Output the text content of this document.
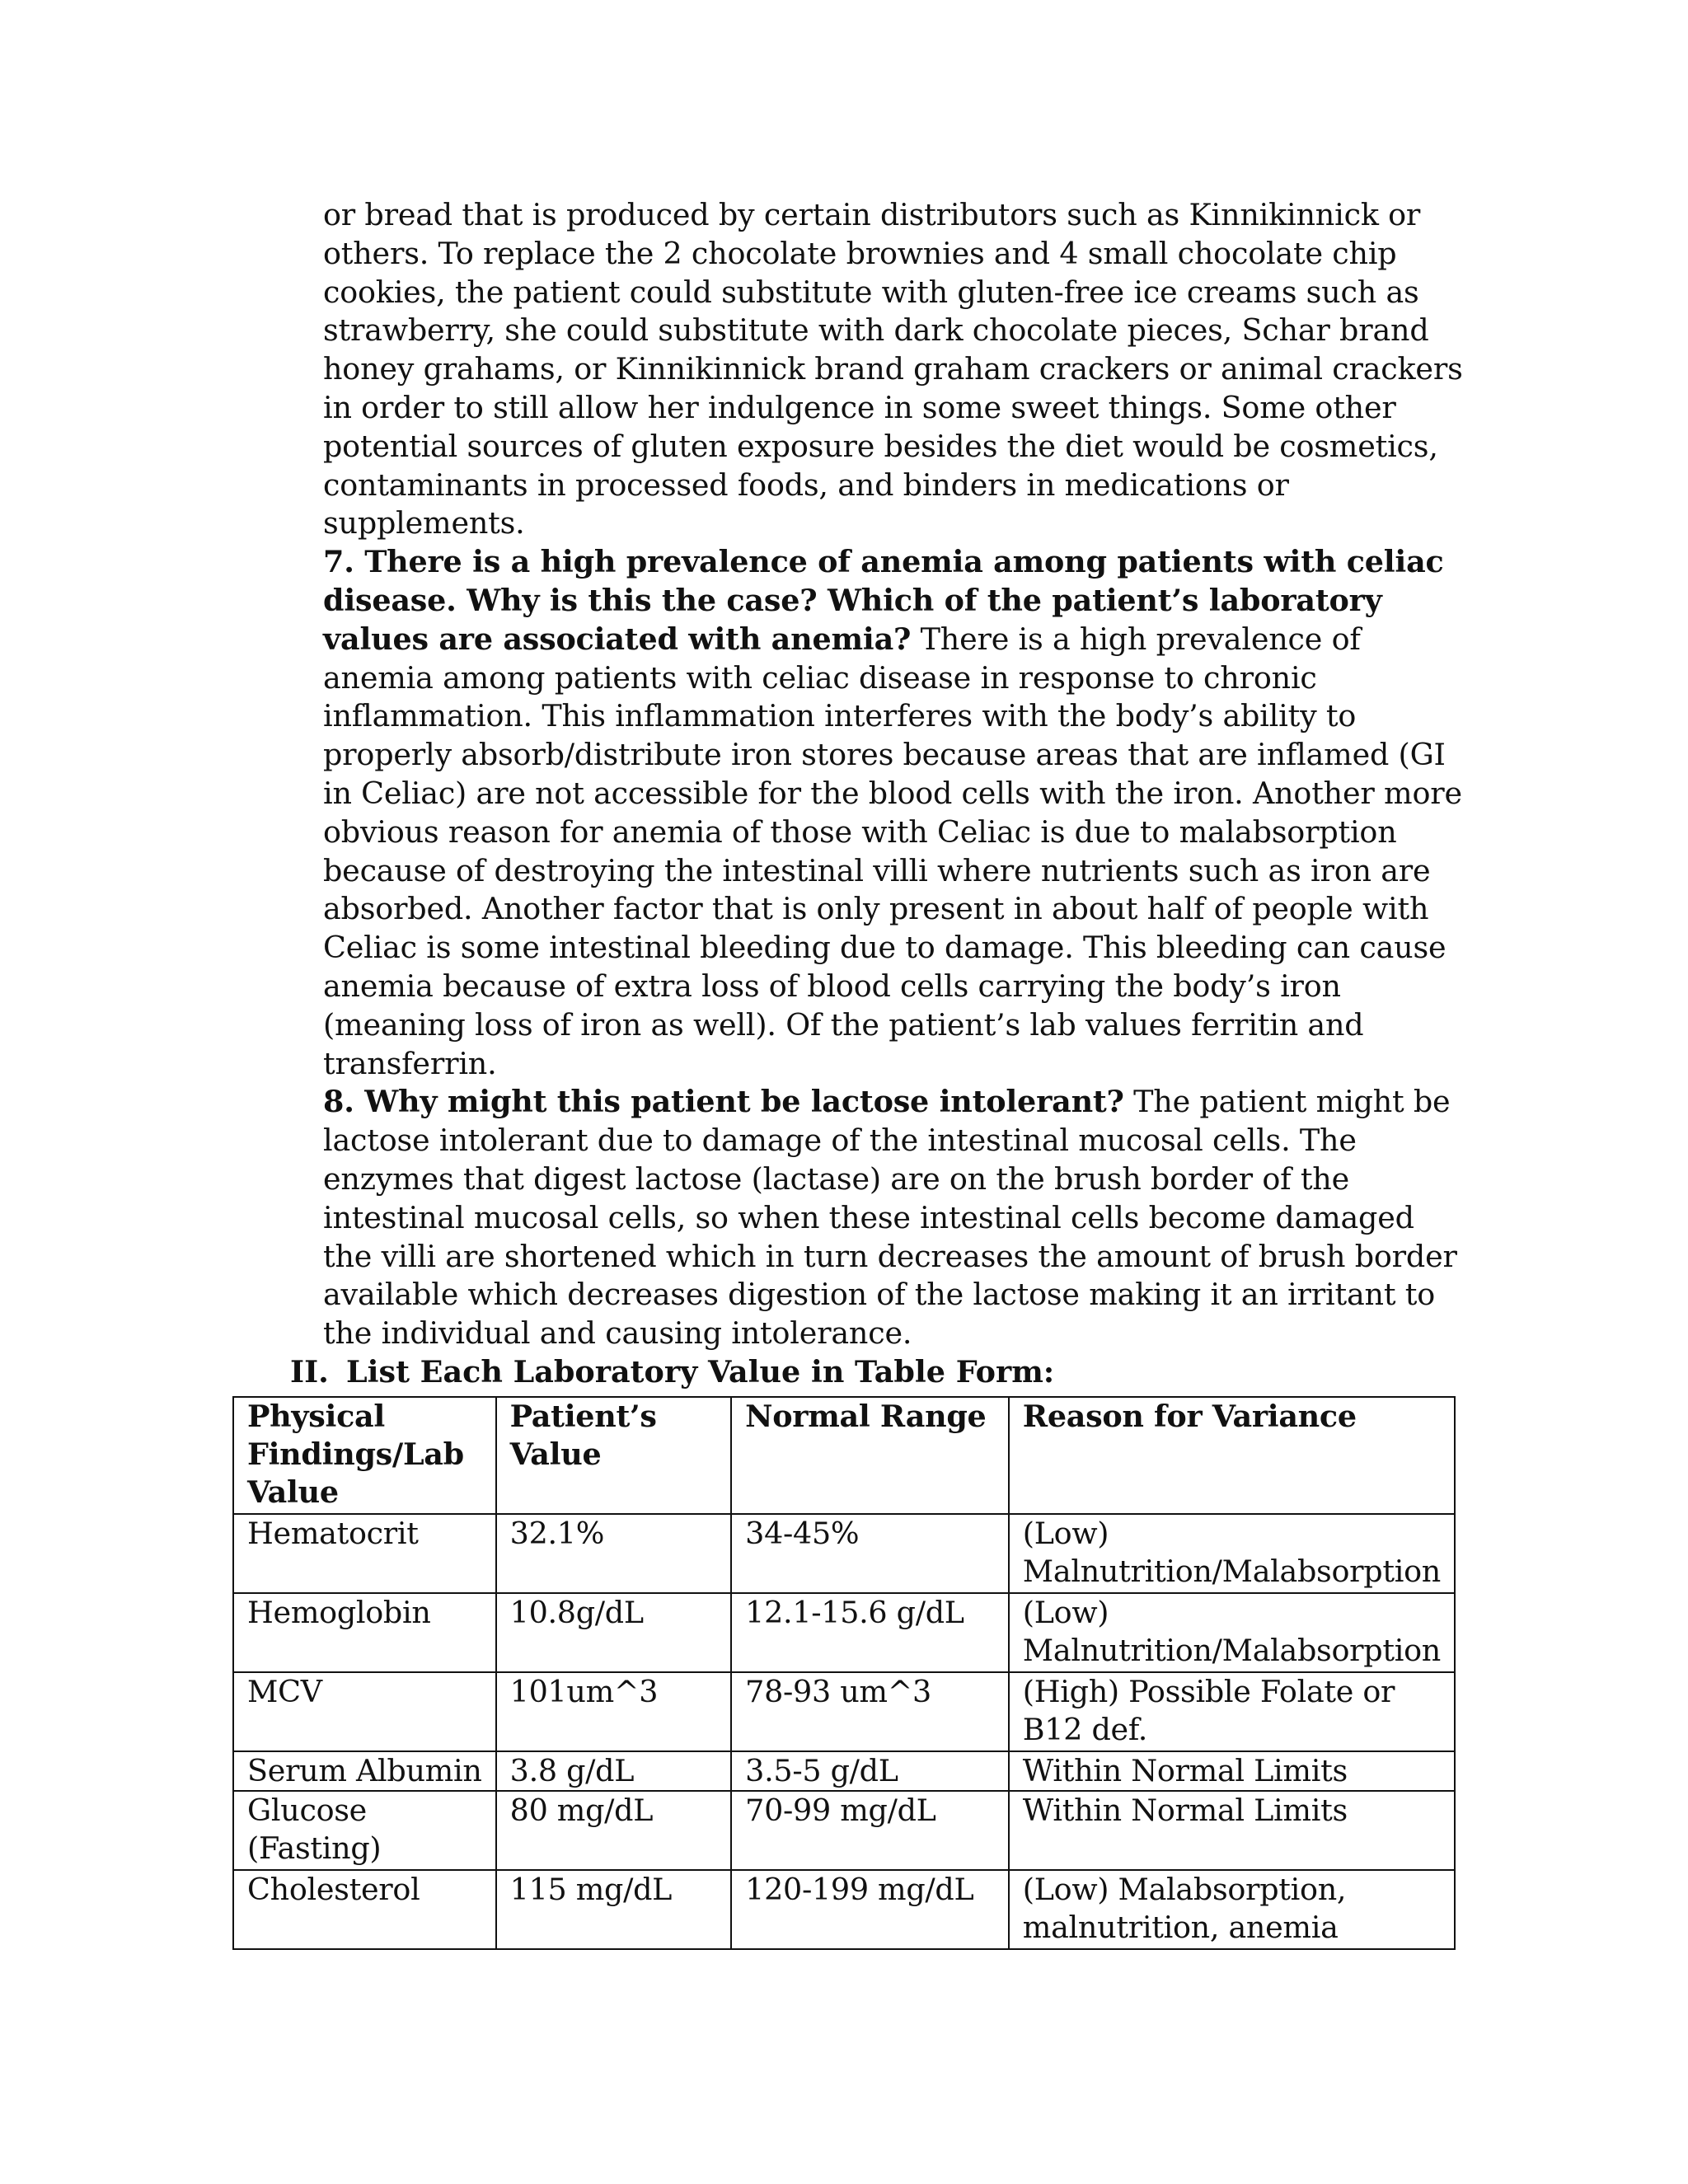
or bread that is produced by certain distributors such as Kinnikinnick or others. To replace the 2 chocolate brownies and 4 small chocolate chip cookies, the patient could substitute with gluten-free ice creams such as strawberry, she could substitute with dark chocolate pieces, Schar brand honey grahams, or Kinnikinnick brand graham crackers or animal crackers in order to still allow her indulgence in some sweet things. Some other potential sources of gluten exposure besides the diet would be cosmetics, contaminants in processed foods, and binders in medications or supplements.

7. There is a high prevalence of anemia among patients with celiac disease. Why is this the case? Which of the patient’s laboratory values are associated with anemia? There is a high prevalence of anemia among patients with celiac disease in response to chronic inflammation. This inflammation interferes with the body’s ability to properly absorb/distribute iron stores because areas that are inflamed (GI in Celiac) are not accessible for the blood cells with the iron. Another more obvious reason for anemia of those with Celiac is due to malabsorption because of destroying the intestinal villi where nutrients such as iron are absorbed. Another factor that is only present in about half of people with Celiac is some intestinal bleeding due to damage. This bleeding can cause anemia because of extra loss of blood cells carrying the body’s iron (meaning loss of iron as well). Of the patient’s lab values ferritin and transferrin.

8. Why might this patient be lactose intolerant? The patient might be lactose intolerant due to damage of the intestinal mucosal cells. The enzymes that digest lactose (lactase) are on the brush border of the intestinal mucosal cells, so when these intestinal cells become damaged the villi are shortened which in turn decreases the amount of brush border available which decreases digestion of the lactose making it an irritant to the individual and causing intolerance.

II. List Each Laboratory Value in Table Form:
Physical Findings/Lab Value	Patient’s Value	Normal Range	Reason for Variance
Hematocrit	32.1%	34-45%	(Low) Malnutrition/Malabsorption
Hemoglobin	10.8g/dL	12.1-15.6 g/dL	(Low) Malnutrition/Malabsorption
MCV	101um^3	78-93 um^3	(High) Possible Folate or B12 def.
Serum Albumin	3.8 g/dL	3.5-5 g/dL	Within Normal Limits
Glucose (Fasting)	80 mg/dL	70-99 mg/dL	Within Normal Limits
Cholesterol	115 mg/dL	120-199 mg/dL	(Low) Malabsorption, malnutrition, anemia
